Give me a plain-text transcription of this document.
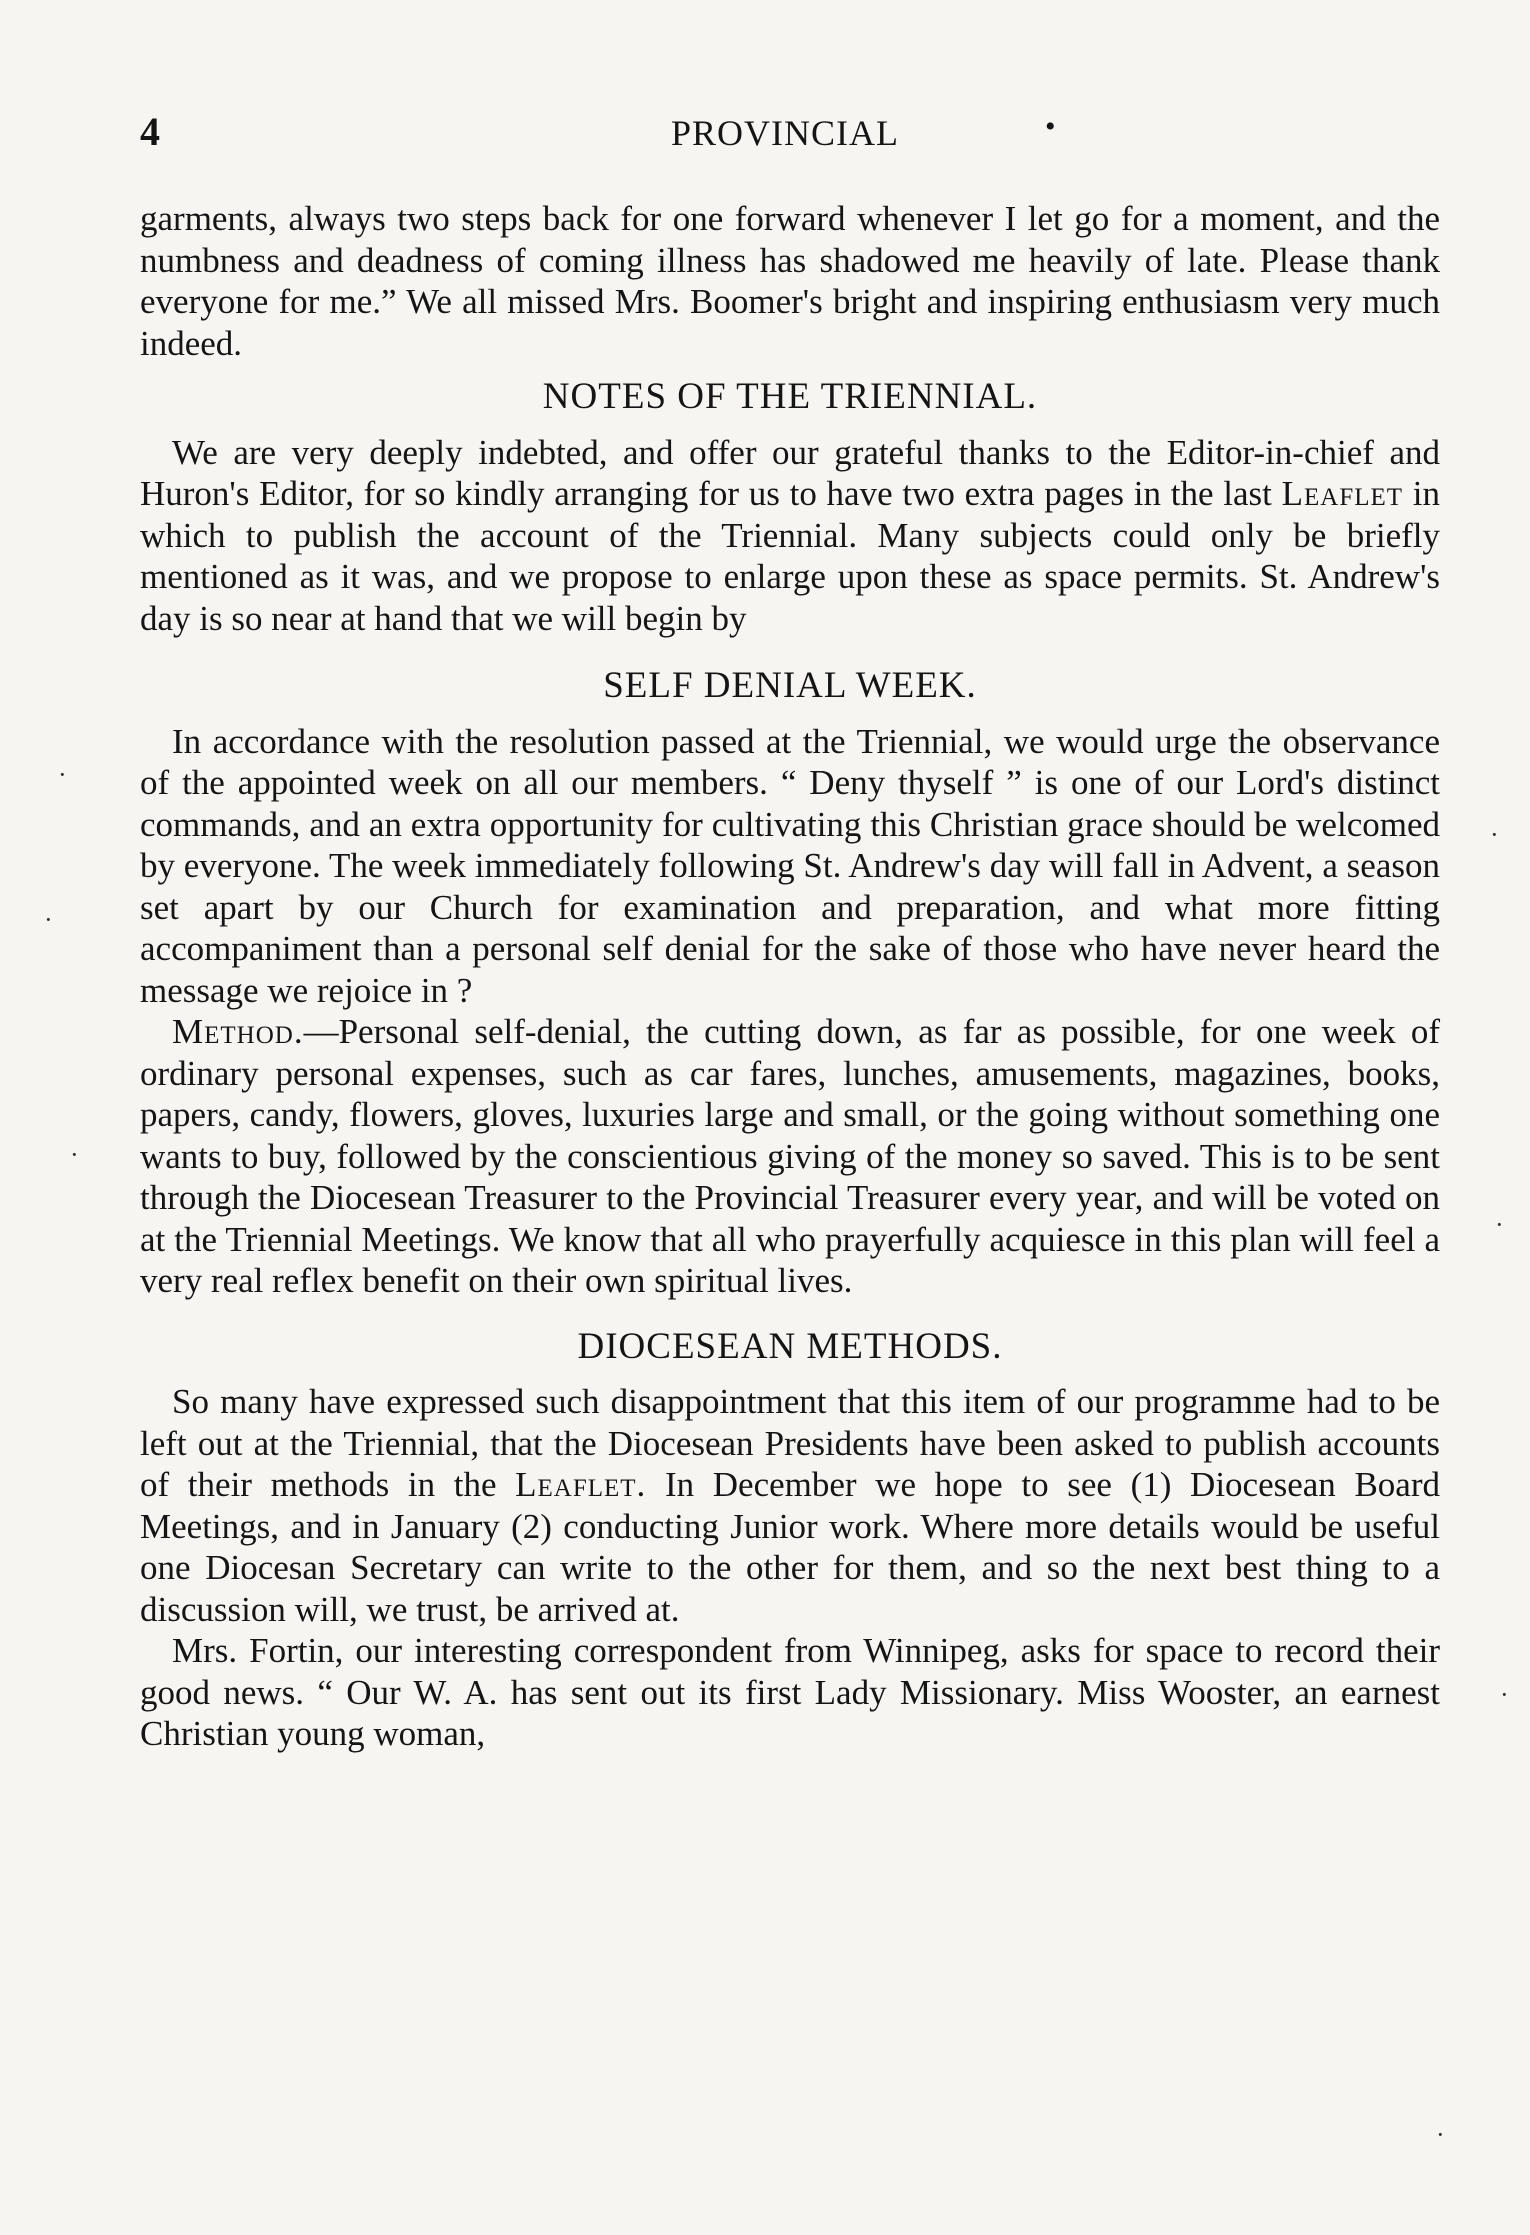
4	PROVINCIAL	•

garments, always two steps back for one forward whenever I let go for a moment, and the numbness and deadness of coming illness has shadowed me heavily of late. Please thank everyone for me.” We all missed Mrs. Boomer's bright and inspiring enthusiasm very much indeed.

NOTES OF THE TRIENNIAL.

We are very deeply indebted, and offer our grateful thanks to the Editor-in-chief and Huron's Editor, for so kindly arranging for us to have two extra pages in the last Leaflet in which to publish the account of the Triennial. Many subjects could only be briefly mentioned as it was, and we propose to enlarge upon these as space permits. St. Andrew's day is so near at hand that we will begin by

SELF DENIAL WEEK.

In accordance with the resolution passed at the Triennial, we would urge the observance of the appointed week on all our members. “ Deny thyself ” is one of our Lord's distinct commands, and an extra opportunity for cultivating this Christian grace should be welcomed by everyone. The week immediately following St. Andrew's day will fall in Advent, a season set apart by our Church for examination and preparation, and what more fitting accompaniment than a personal self denial for the sake of those who have never heard the message we rejoice in ?

Method.—Personal self-denial, the cutting down, as far as possible, for one week of ordinary personal expenses, such as car fares, lunches, amusements, magazines, books, papers, candy, flowers, gloves, luxuries large and small, or the going without something one wants to buy, followed by the conscientious giving of the money so saved. This is to be sent through the Diocesean Treasurer to the Provincial Treasurer every year, and will be voted on at the Triennial Meetings. We know that all who prayerfully acquiesce in this plan will feel a very real reflex benefit on their own spiritual lives.

DIOCESEAN METHODS.

So many have expressed such disappointment that this item of our programme had to be left out at the Triennial, that the Diocesean Presidents have been asked to publish accounts of their methods in the Leaflet. In December we hope to see (1) Diocesean Board Meetings, and in January (2) conducting Junior work. Where more details would be useful one Diocesan Secretary can write to the other for them, and so the next best thing to a discussion will, we trust, be arrived at.

Mrs. Fortin, our interesting correspondent from Winnipeg, asks for space to record their good news. “ Our W. A. has sent out its first Lady Missionary. Miss Wooster, an earnest Christian young woman,

·
·
·
·
·
·
·
